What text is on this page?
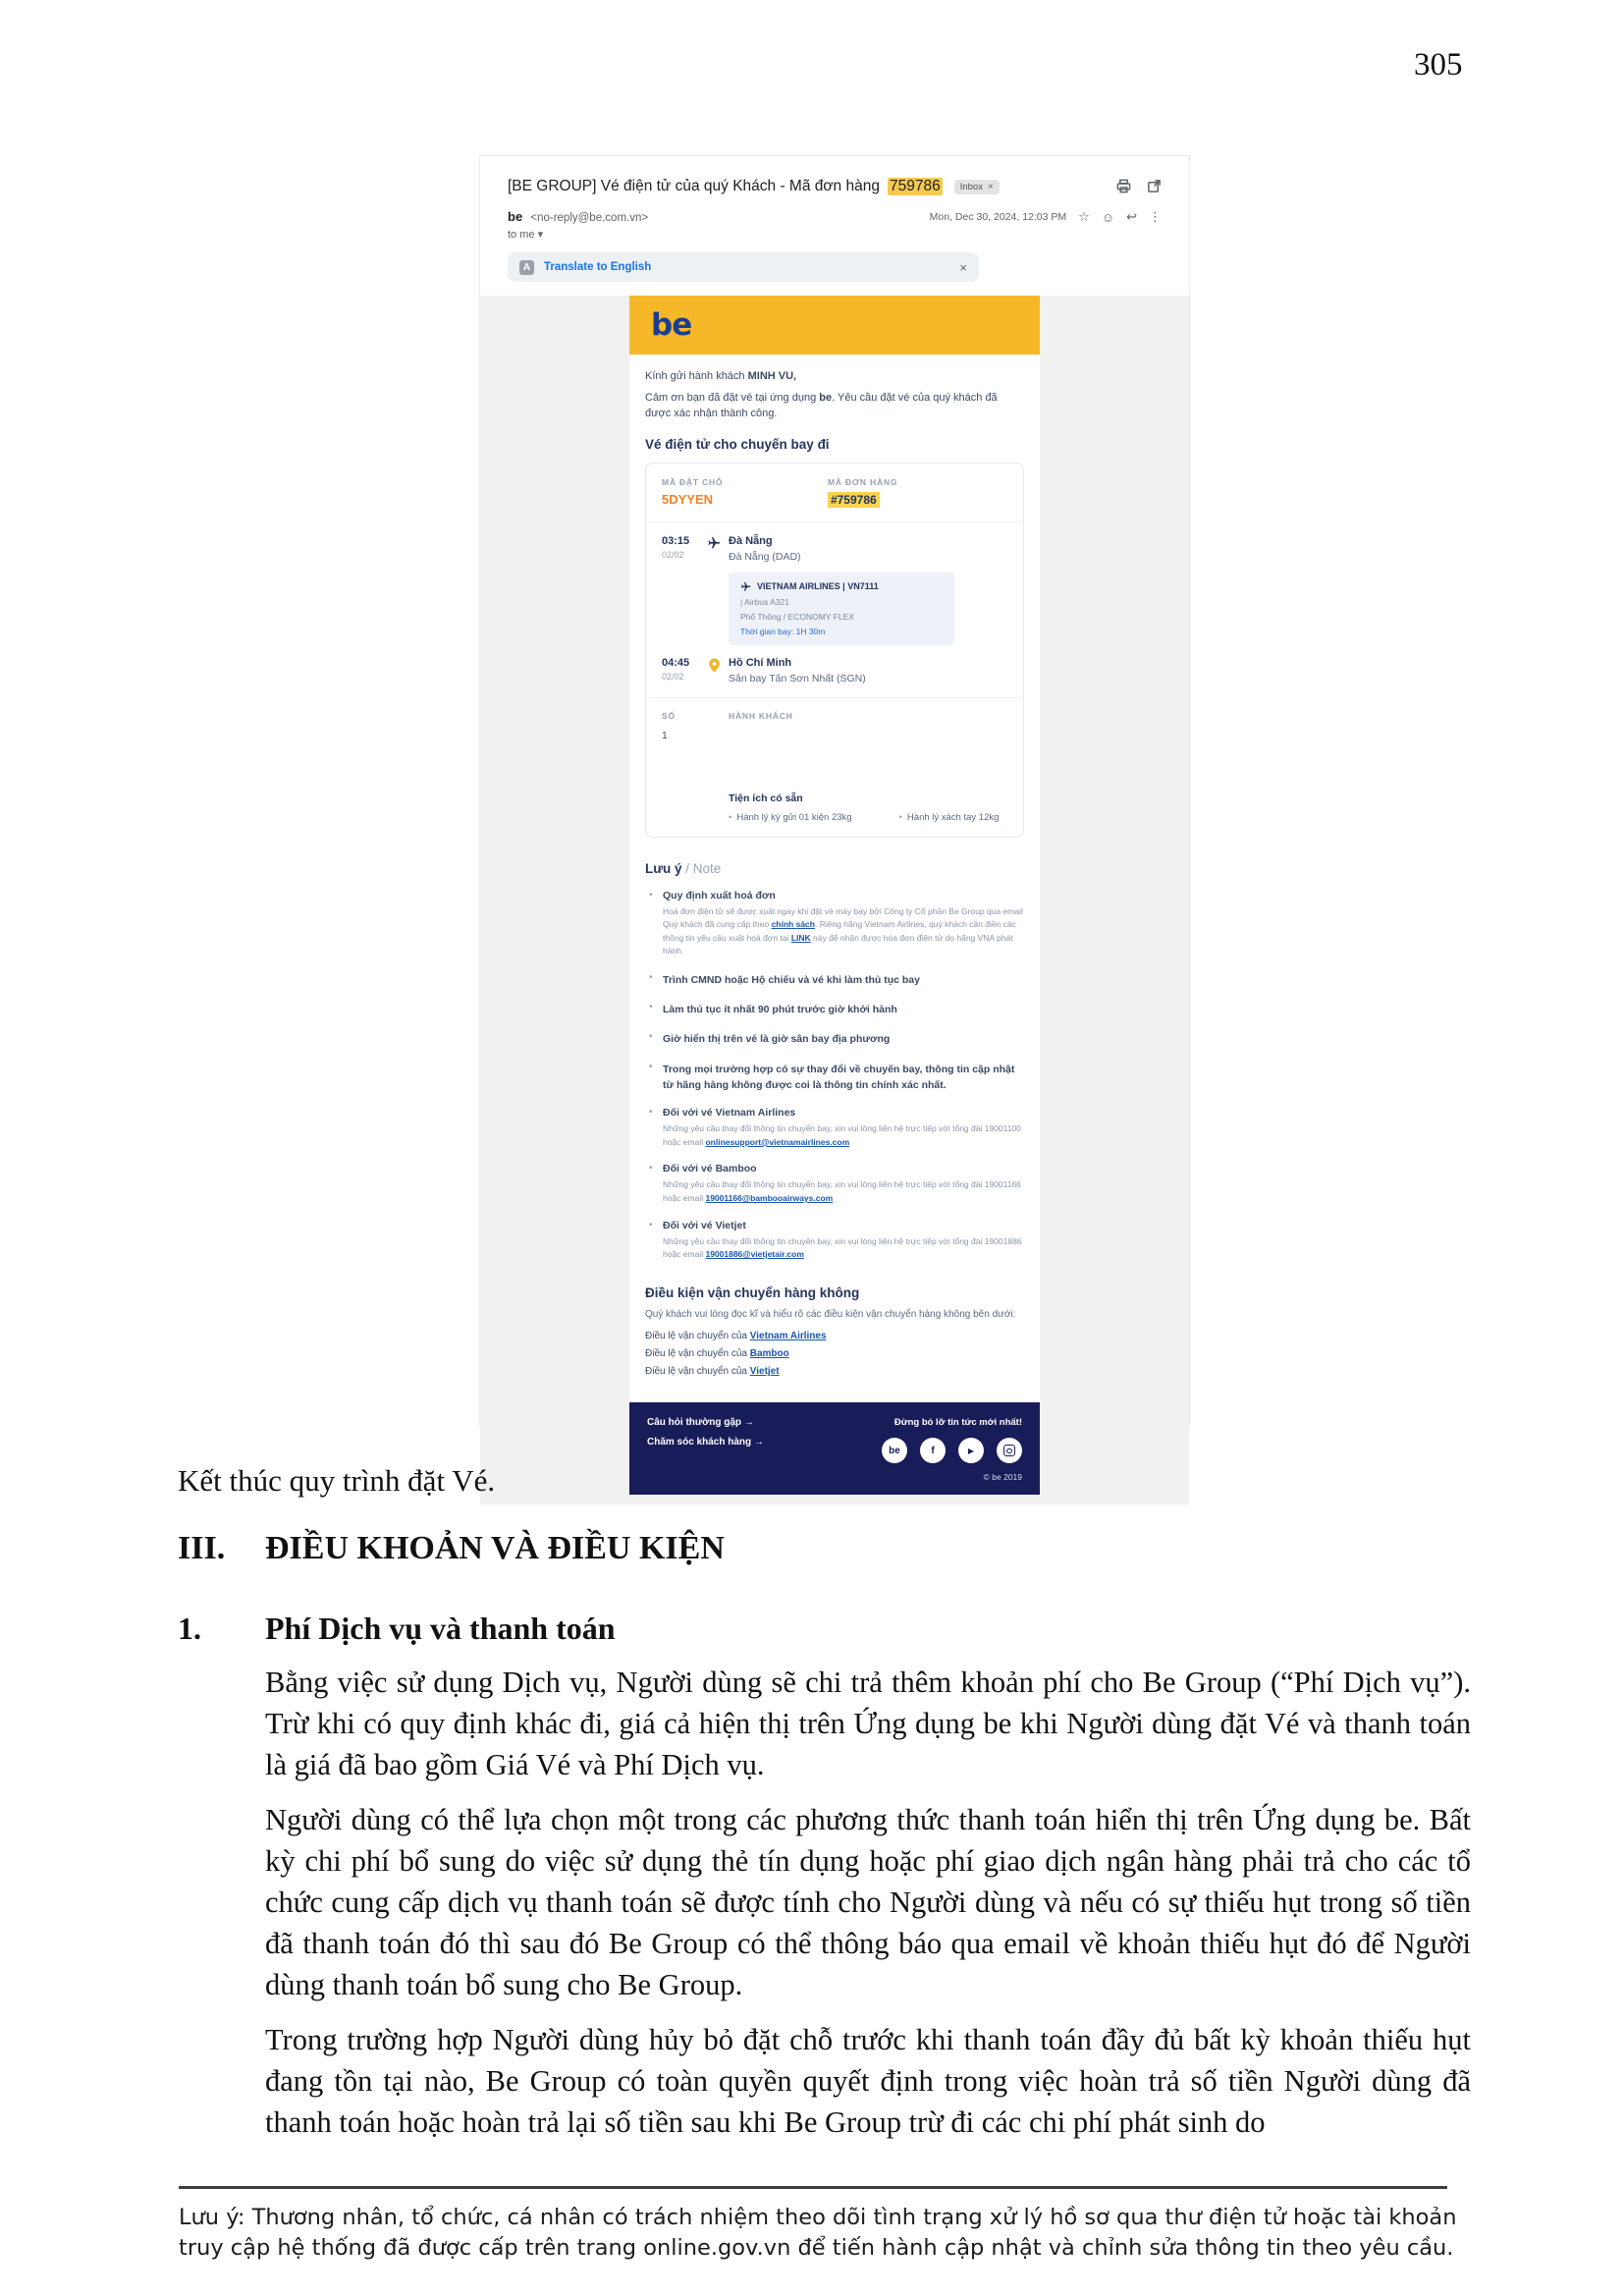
305
[BE GROUP] Vé điện tử của quý Khách - Mã đơn hàng 759786 Inbox ×
be <no-reply@be.com.vn>	Mon, Dec 30, 2024, 12:03 PM ☆ ☺ ↩ ⋮
to me ▾
A	Translate to English	×
be

Kính gửi hành khách MINH VU,

Cảm ơn bạn đã đặt vé tại ứng dụng be. Yêu cầu đặt vé của quý khách đã được xác nhận thành công.

Vé điện tử cho chuyến bay đi
MÃ ĐẶT CHỖ
5DYYEN
MÃ ĐƠN HÀNG
#759786
03:15
02/02
Đà Nẵng
Đà Nẵng (DAD)
VIETNAM AIRLINES | VN7111
| Airbus A321
Phổ Thông / ECONOMY FLEX
Thời gian bay: 1H 30m
04:45
02/02
Hồ Chí Minh
Sân bay Tân Sơn Nhất (SGN)
SỐ	HÀNH KHÁCH
1
Tiện ích có sẵn
• Hành lý ký gửi 01 kiện 23kg	• Hành lý xách tay 12kg
Lưu ý / Note
• Quy định xuất hoá đơn
Hoá đơn điện tử sẽ được xuất ngay khi đặt vé máy bay bởi Công ty Cổ phần Be Group qua email Quý khách đã cung cấp theo chính sách. Riêng hãng Vietnam Airlines, quý khách cần điền các thông tin yêu cầu xuất hoá đơn tại LINK này để nhận được hóa đơn điện tử do hãng VNA phát hành.
• Trình CMND hoặc Hộ chiếu và vé khi làm thủ tục bay
• Làm thủ tục ít nhất 90 phút trước giờ khởi hành
• Giờ hiển thị trên vé là giờ sân bay địa phương
• Trong mọi trường hợp có sự thay đổi về chuyến bay, thông tin cập nhật từ hãng hàng không được coi là thông tin chính xác nhất.
• Đối với vé Vietnam Airlines
Những yêu cầu thay đổi thông tin chuyến bay, xin vui lòng liên hệ trực tiếp với tổng đài 19001100 hoặc email onlinesupport@vietnamairlines.com
• Đối với vé Bamboo
Những yêu cầu thay đổi thông tin chuyến bay, xin vui lòng liên hệ trực tiếp với tổng đài 19001166 hoặc email 19001166@bambooairways.com
• Đối với vé Vietjet
Những yêu cầu thay đổi thông tin chuyến bay, xin vui lòng liên hệ trực tiếp với tổng đài 19001886 hoặc email 19001886@vietjetair.com
Điều kiện vận chuyển hàng không
Quý khách vui lòng đọc kĩ và hiểu rõ các điều kiện vận chuyển hàng không bên dưới:
Điều lệ vận chuyển của Vietnam Airlines
Điều lệ vận chuyển của Bamboo
Điều lệ vận chuyển của Vietjet
Câu hỏi thường gặp →
Chăm sóc khách hàng →
Đừng bỏ lỡ tin tức mới nhất!
be	f	▶
© be 2019
Kết thúc quy trình đặt Vé.
III.	ĐIỀU KHOẢN VÀ ĐIỀU KIỆN
1.	Phí Dịch vụ và thanh toán

Bằng việc sử dụng Dịch vụ, Người dùng sẽ chi trả thêm khoản phí cho Be Group (“Phí Dịch vụ”). Trừ khi có quy định khác đi, giá cả hiện thị trên Ứng dụng be khi Người dùng đặt Vé và thanh toán là giá đã bao gồm Giá Vé và Phí Dịch vụ.

Người dùng có thể lựa chọn một trong các phương thức thanh toán hiển thị trên Ứng dụng be. Bất kỳ chi phí bổ sung do việc sử dụng thẻ tín dụng hoặc phí giao dịch ngân hàng phải trả cho các tổ chức cung cấp dịch vụ thanh toán sẽ được tính cho Người dùng và nếu có sự thiếu hụt trong số tiền đã thanh toán đó thì sau đó Be Group có thể thông báo qua email về khoản thiếu hụt đó để Người dùng thanh toán bổ sung cho Be Group.

Trong trường hợp Người dùng hủy bỏ đặt chỗ trước khi thanh toán đầy đủ bất kỳ khoản thiếu hụt đang tồn tại nào, Be Group có toàn quyền quyết định trong việc hoàn trả số tiền Người dùng đã thanh toán hoặc hoàn trả lại số tiền sau khi Be Group trừ đi các chi phí phát sinh do

Lưu ý: Thương nhân, tổ chức, cá nhân có trách nhiệm theo dõi tình trạng xử lý hồ sơ qua thư điện tử hoặc tài khoản truy cập hệ thống đã được cấp trên trang online.gov.vn để tiến hành cập nhật và chỉnh sửa thông tin theo yêu cầu.
